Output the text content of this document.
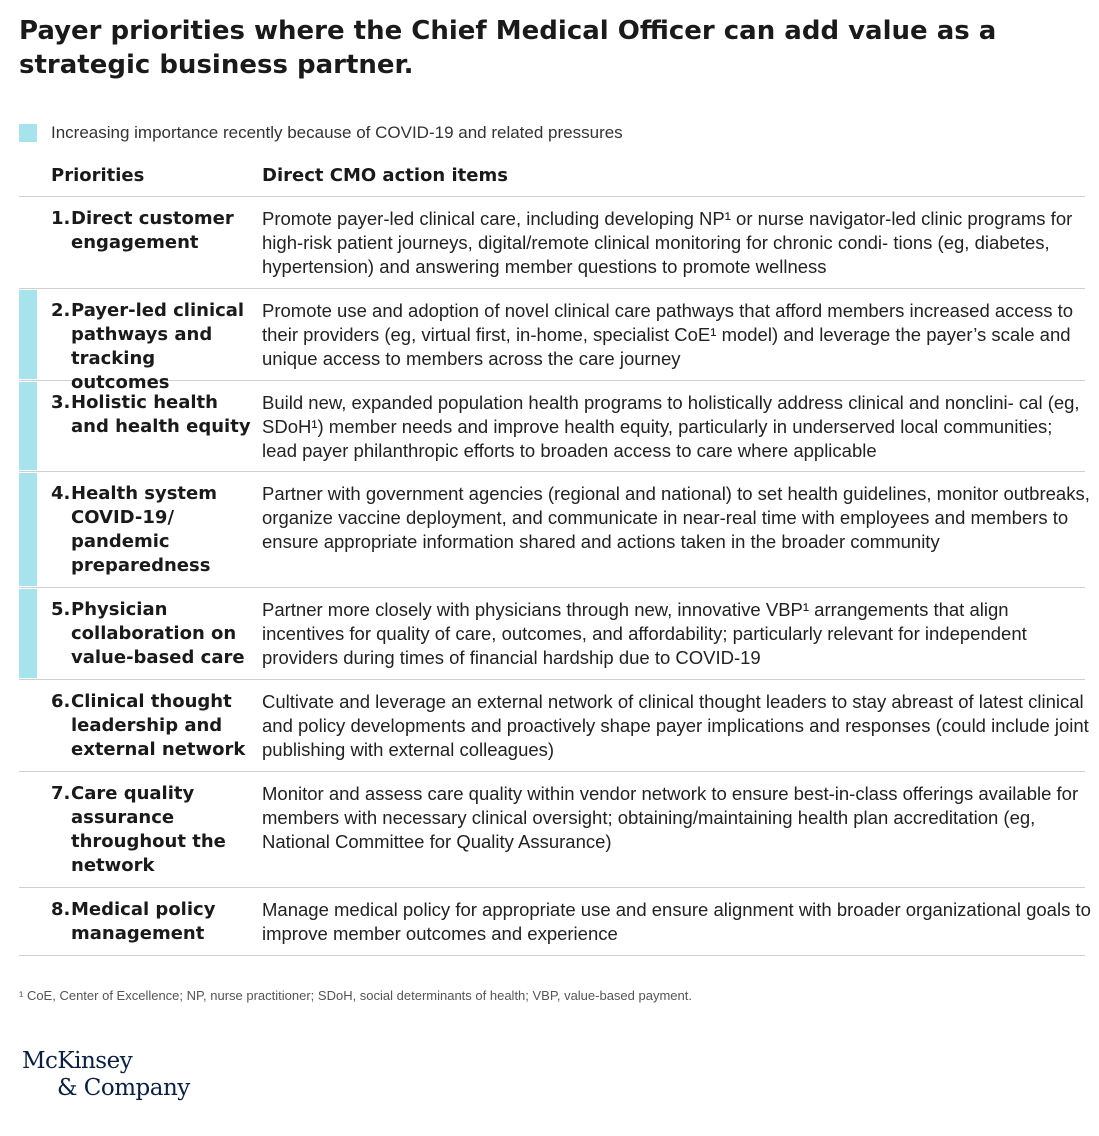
Payer priorities where the Chief Medical Officer can add value as a strategic business partner.
Increasing importance recently because of COVID-19 and related pressures
Priorities	Direct CMO action items
1. Direct customer engagement
Promote payer-led clinical care, including developing NP¹ or nurse navigator-led clinic programs for high-risk patient journeys, digital/remote clinical monitoring for chronic condi- tions (eg, diabetes, hypertension) and answering member questions to promote wellness
2. Payer-led clinical pathways and tracking outcomes
Promote use and adoption of novel clinical care pathways that afford members increased access to their providers (eg, virtual first, in-home, specialist CoE¹ model) and leverage the payer’s scale and unique access to members across the care journey
3. Holistic health and health equity
Build new, expanded population health programs to holistically address clinical and nonclini- cal (eg, SDoH¹) member needs and improve health equity, particularly in underserved local communities; lead payer philanthropic efforts to broaden access to care where applicable
4. Health system COVID-19/ pandemic preparedness
Partner with government agencies (regional and national) to set health guidelines, monitor outbreaks, organize vaccine deployment, and communicate in near-real time with employees and members to ensure appropriate information shared and actions taken in the broader community
5. Physician collaboration on value-based care
Partner more closely with physicians through new, innovative VBP¹ arrangements that align incentives for quality of care, outcomes, and affordability; particularly relevant for independent providers during times of financial hardship due to COVID-19
6. Clinical thought leadership and external network
Cultivate and leverage an external network of clinical thought leaders to stay abreast of latest clinical and policy developments and proactively shape payer implications and responses (could include joint publishing with external colleagues)
7. Care quality assurance throughout the network
Monitor and assess care quality within vendor network to ensure best-in-class offerings available for members with necessary clinical oversight; obtaining/maintaining health plan accreditation (eg, National Committee for Quality Assurance)
8. Medical policy management
Manage medical policy for appropriate use and ensure alignment with broader organizational goals to improve member outcomes and experience
¹ CoE, Center of Excellence; NP, nurse practitioner; SDoH, social determinants of health; VBP, value-based payment.
McKinsey
& Company
